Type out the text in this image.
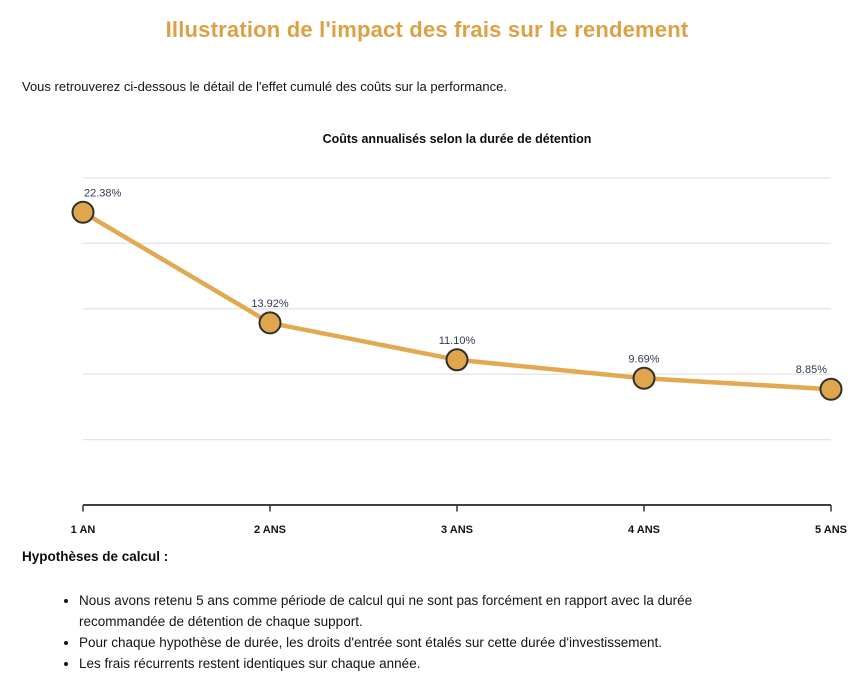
Illustration de l'impact des frais sur le rendement

Vous retrouverez ci-dessous le détail de l'effet cumulé des coûts sur la performance.

Coûts annualisés selon la durée de détention
22.38%
13.92%
11.10%
9.69%
8.85%
1 AN	2 ANS	3 ANS	4 ANS	5 ANS
Hypothèses de calcul :
• Nous avons retenu 5 ans comme période de calcul qui ne sont pas forcément en rapport avec la durée recommandée de détention de chaque support.
• Pour chaque hypothèse de durée, les droits d'entrée sont étalés sur cette durée d'investissement.
• Les frais récurrents restent identiques sur chaque année.
